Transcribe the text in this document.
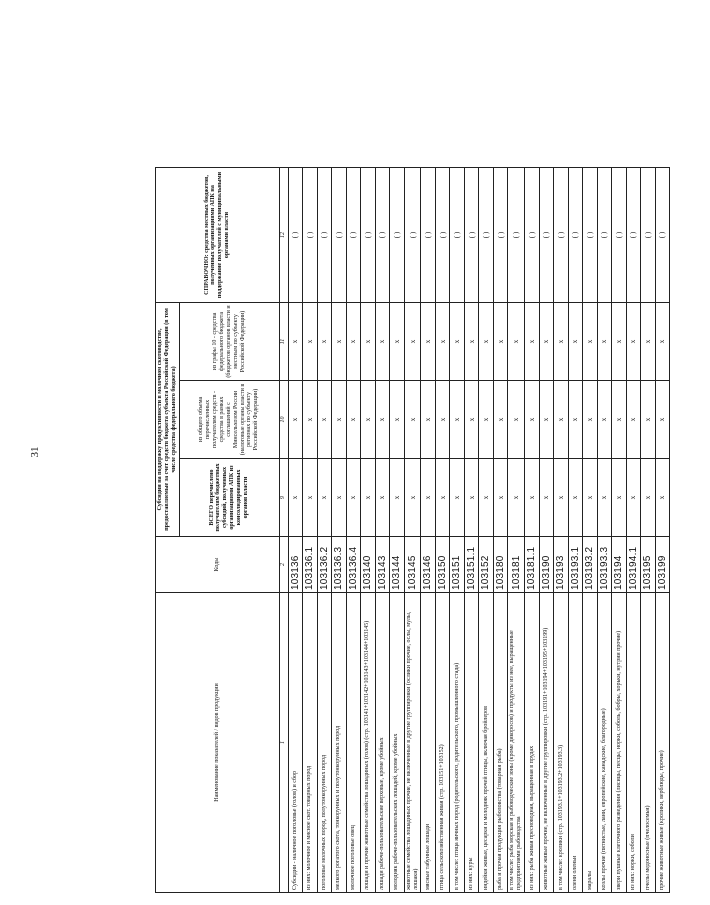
31
Наименование показателей / видов продукции	Коды	Субсидии на поддержку продуктивности в молочном скотоводстве, предоставляемые за счет средств бюджета субъекта Российской Федерации (в том числе средства федерального бюджета)			СПРАВОЧНО: средства местных бюджетов, полученных организациями АПК на поддержание получателей с муниципальными органами власти
		ВСЕГО перечислено получателям бюджетных субсидий, полученных организациями АПК из консолидированных органов власти	из общего объема перечисленных получателям средств - средства в рамках соглашений с Минсельхозом России (налоговые органы власти в регионах по субъекту Российской Федерации)	из графы 10 - средства федерального бюджета (бюджетов органов власти и местным по субъекту Российской Федерации)	
1	2	9	10	11	12
Субсидии - наличное поголовье (голов) и сбор	103136	x	x	x	( )
из них: молочное и мясное скот. товарных пород	103136.1	x	x	x	( )
поголовье молочных пород, полутонкорунных пород	103136.2	x	x	x	( )
мелкого рогатого скота, тонкорунных и полутонкорунных пород	103136.3	x	x	x	( )
молочное поголовье овец	103136.4	x	x	x	( )
лошади и прочие животные семейства лошадиных (голов) (стр. 103141+103142+103143+103144+103145)	103140	x	x	x	( )
лошади рабоче-пользовательские верховые, кроме убойных	103143	x	x	x	( )
молодняк рабоче-пользовательских лошадей, кроме убойных	103144	x	x	x	( )
животные семейства лошадиных прочие, не включенные в другие группировки (ослики прочие, ослы, мулы, лошаки)	103145	x	x	x	( )
мясные табунные лошади	103146	x	x	x	( )
птица сельскохозяйственная живая (стр. 103151+103152)	103150	x	x	x	( )
в том числе: птица яичных пород (родительского, родительского, промышленного стада)	103151	x	x	x	( )
из них: куры	103151.1	x	x	x	( )
индейки живые, цесарки и молодняк прочей птицы, включая бройлеров	103152	x	x	x	( )
рыба и прочая продукция рыболовства (товарная рыба)	103180	x	x	x	( )
в том числе: рыба морская и рыбоводческие зоны (кроме дикоросов) и продукты из нее, выращенные предприятиями рыбоводства	103181	x	x	x	( )
из них: рыба живая пресноводная, выращенная в прудах	103181.1	x	x	x	( )
животные живые прочие, не включенные в другие группировки (стр. 103191+103194+103195+103199)	103190	x	x	x	( )
в том числе: кролики (стр. 103193.1+103193.2+103193.3)	103193	x	x	x	( )
олени оленьи	103193.1	x	x	x	( )
маралы	103193.2	x	x	x	( )
козлы прочие (пятнистые, лани, европейские, канадские, благородные)	103193.3	x	x	x	( )
звери пушные клеточного разведения (лисицы, песцы, норки, соболь, бобры, хорьки, нутрии прочие)	103194	x	x	x	( )
из них: норки, соболи	103194.1	x	x	x	( )
пчелы медоносные (пчелосемьи)	103195	x	x	x	( )
прочие животные живые (кролики, верблюды, прочие)	103199	x	x	x	( )
